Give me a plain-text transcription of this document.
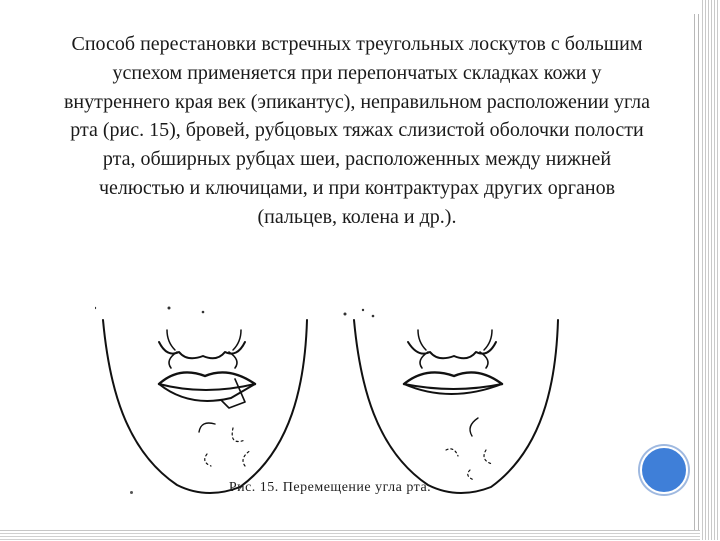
Способ перестановки встречных треугольных лоскутов с большим успехом применяется при перепончатых складках кожи у внутреннего края век (эпикантус), неправильном расположении угла рта (рис. 15), бровей, рубцовых тяжах слизистой оболочки полости рта, обширных рубцах шеи, расположенных между нижней челюстью и ключицами, и при контрактурах других органов (пальцев, колена и др.).

Рис. 15. Перемещение угла рта.
